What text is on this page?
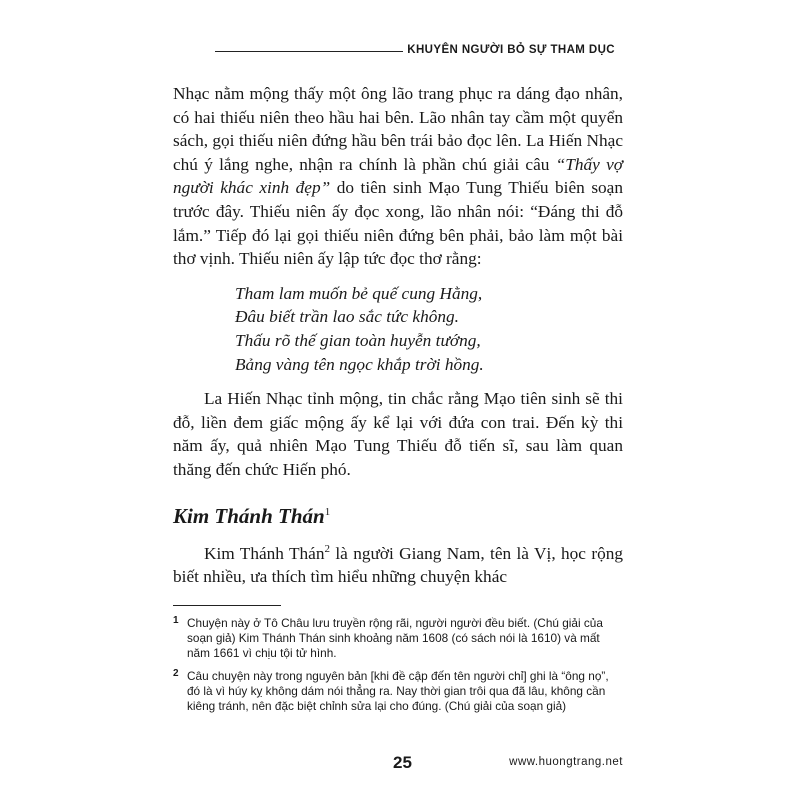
KHUYÊN NGƯỜI BỎ SỰ THAM DỤC

Nhạc nằm mộng thấy một ông lão trang phục ra dáng đạo nhân, có hai thiếu niên theo hầu hai bên. Lão nhân tay cầm một quyển sách, gọi thiếu niên đứng hầu bên trái bảo đọc lên. La Hiến Nhạc chú ý lắng nghe, nhận ra chính là phần chú giải câu “Thấy vợ người khác xinh đẹp” do tiên sinh Mạo Tung Thiếu biên soạn trước đây. Thiếu niên ấy đọc xong, lão nhân nói: “Đáng thi đỗ lắm.” Tiếp đó lại gọi thiếu niên đứng bên phải, bảo làm một bài thơ vịnh. Thiếu niên ấy lập tức đọc thơ rằng:

Tham lam muốn bẻ quế cung Hằng,
Đâu biết trần lao sắc tức không.
Thấu rõ thế gian toàn huyễn tướng,
Bảng vàng tên ngọc khắp trời hồng.

La Hiến Nhạc tỉnh mộng, tin chắc rằng Mạo tiên sinh sẽ thi đỗ, liền đem giấc mộng ấy kể lại với đứa con trai. Đến kỳ thi năm ấy, quả nhiên Mạo Tung Thiếu đỗ tiến sĩ, sau làm quan thăng đến chức Hiến phó.

Kim Thánh Thán$^1$

Kim Thánh Thán$^2$ là người Giang Nam, tên là Vị, học rộng biết nhiều, ưa thích tìm hiểu những chuyện khác

1 Chuyện này ở Tô Châu lưu truyền rộng rãi, người người đều biết. (Chú giải của soạn giả) Kim Thánh Thán sinh khoảng năm 1608 (có sách nói là 1610) và mất năm 1661 vì chịu tội tử hình.
2 Câu chuyện này trong nguyên bản [khi đề cập đến tên người chỉ] ghi là “ông nọ”, đó là vì húy kỵ không dám nói thẳng ra. Nay thời gian trôi qua đã lâu, không cần kiêng tránh, nên đặc biệt chỉnh sửa lại cho đúng. (Chú giải của soạn giả)
25	www.huongtrang.net
